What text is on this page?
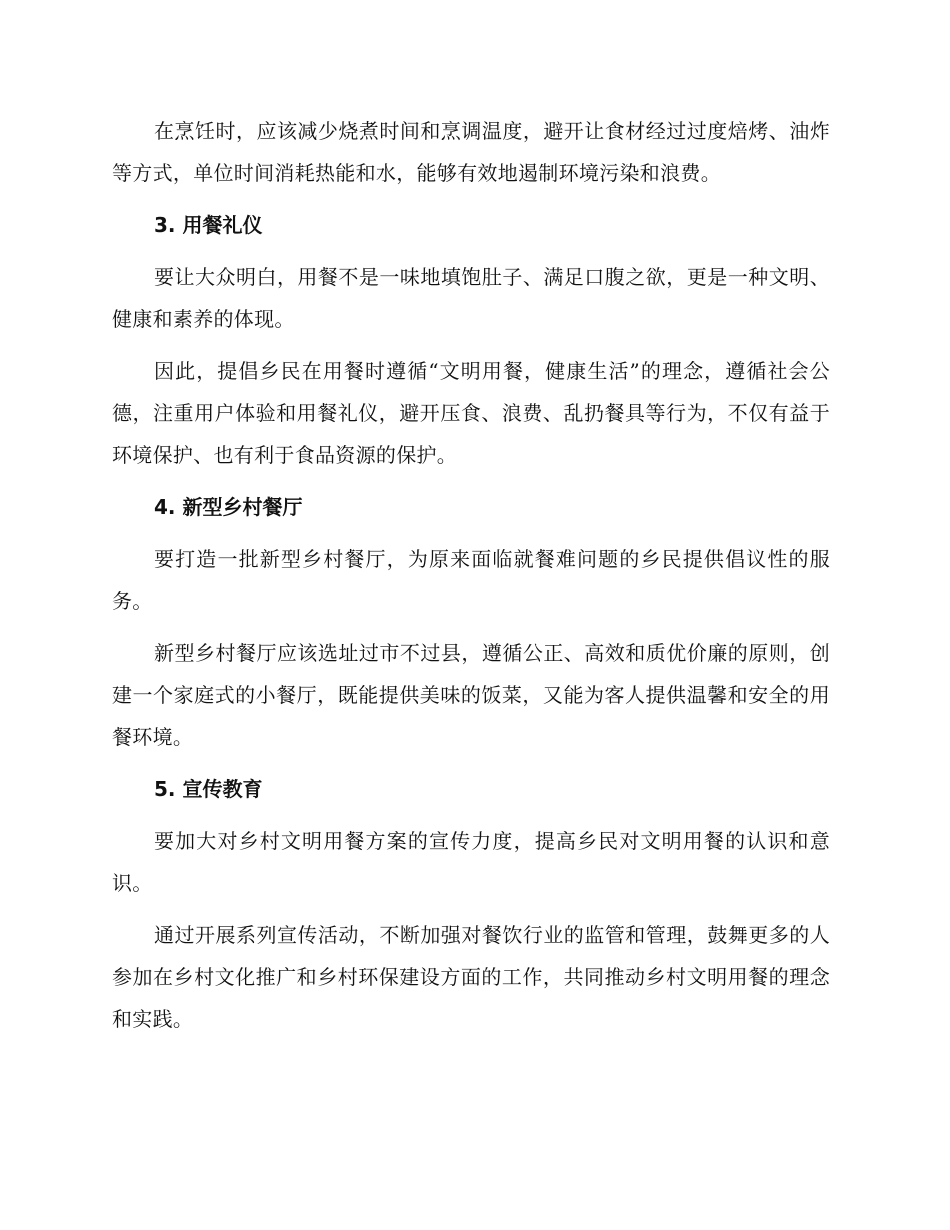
在烹饪时，应该减少烧煮时间和烹调温度，避开让食材经过过度焙烤、油炸等方式，单位时间消耗热能和水，能够有效地遏制环境污染和浪费。

3. 用餐礼仪

要让大众明白，用餐不是一味地填饱肚子、满足口腹之欲，更是一种文明、健康和素养的体现。

因此，提倡乡民在用餐时遵循“文明用餐，健康生活”的理念，遵循社会公德，注重用户体验和用餐礼仪，避开压食、浪费、乱扔餐具等行为，不仅有益于环境保护、也有利于食品资源的保护。

4. 新型乡村餐厅

要打造一批新型乡村餐厅，为原来面临就餐难问题的乡民提供倡议性的服务。

新型乡村餐厅应该选址过市不过县，遵循公正、高效和质优价廉的原则，创建一个家庭式的小餐厅，既能提供美味的饭菜，又能为客人提供温馨和安全的用餐环境。

5. 宣传教育

要加大对乡村文明用餐方案的宣传力度，提高乡民对文明用餐的认识和意识。

通过开展系列宣传活动，不断加强对餐饮行业的监管和管理，鼓舞更多的人参加在乡村文化推广和乡村环保建设方面的工作，共同推动乡村文明用餐的理念和实践。
